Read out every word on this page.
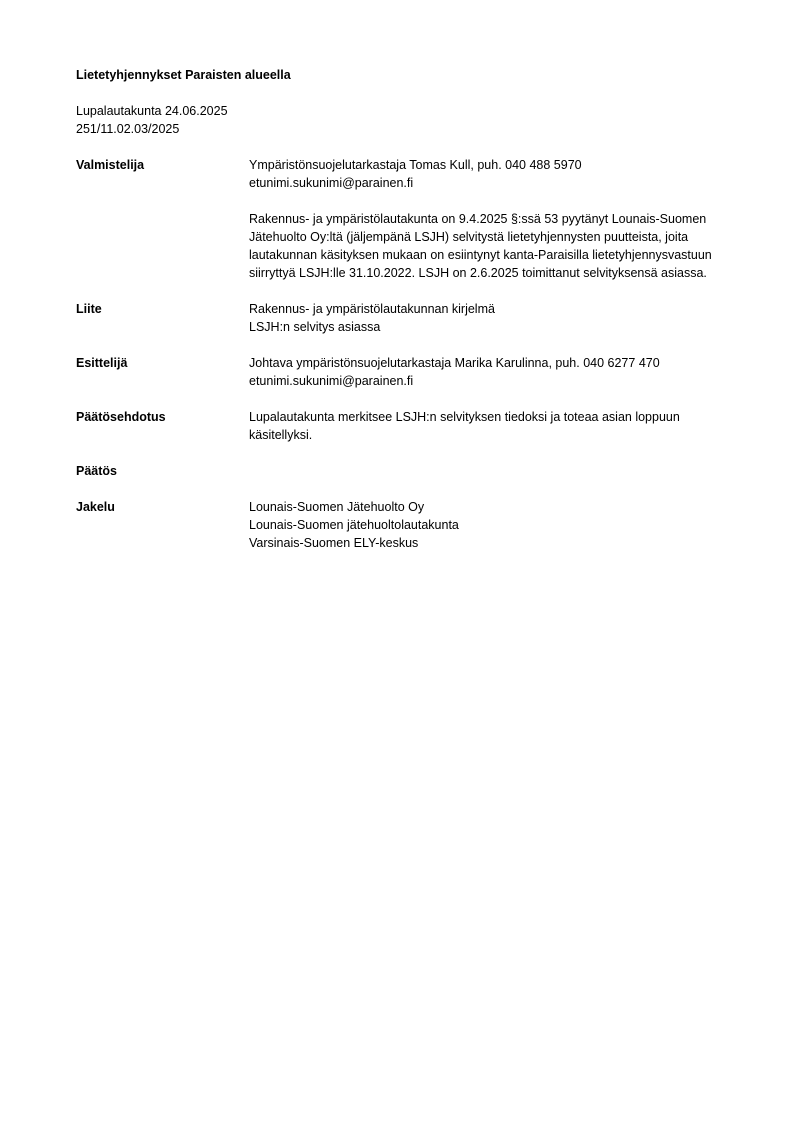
Lietetyhjennykset Paraisten alueella
Lupalautakunta 24.06.2025
251/11.02.03/2025
Valmistelija	Ympäristönsuojelutarkastaja Tomas Kull, puh. 040 488 5970
etunimi.sukunimi@parainen.fi
Rakennus- ja ympäristölautakunta on 9.4.2025 §:ssä 53 pyytänyt Lounais-Suomen Jätehuolto Oy:ltä (jäljempänä LSJH) selvitystä lietetyhjennysten puutteista, joita lautakunnan käsityksen mukaan on esiintynyt kanta-Paraisilla lietetyhjennysvastuun siirryttyä LSJH:lle 31.10.2022. LSJH on 2.6.2025 toimittanut selvityksensä asiassa.
Liite	Rakennus- ja ympäristölautakunnan kirjelmä
LSJH:n selvitys asiassa
Esittelijä	Johtava ympäristönsuojelutarkastaja Marika Karulinna, puh. 040 6277 470
etunimi.sukunimi@parainen.fi
Päätösehdotus	Lupalautakunta merkitsee LSJH:n selvityksen tiedoksi ja toteaa asian loppuun käsitellyksi.
Päätös
Jakelu	Lounais-Suomen Jätehuolto Oy
Lounais-Suomen jätehuoltolautakunta
Varsinais-Suomen ELY-keskus
